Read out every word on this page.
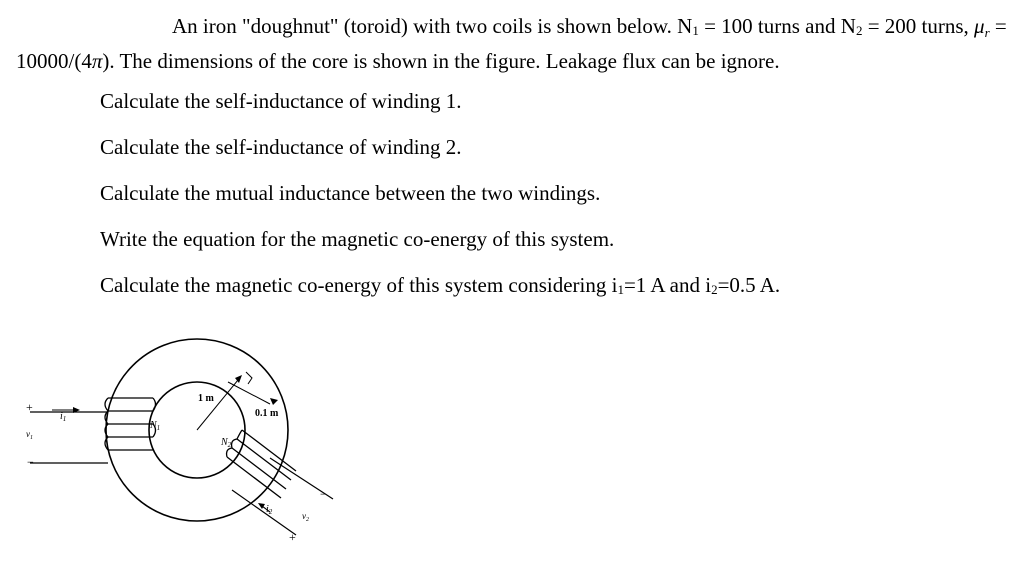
An iron "doughnut" (toroid) with two coils is shown below. N1 = 100 turns and N2 = 200 turns, μr = 10000/(4π). The dimensions of the core is shown in the figure. Leakage flux can be ignore.
Calculate the self-inductance of winding 1.
Calculate the self-inductance of winding 2.
Calculate the mutual inductance between the two windings.
Write the equation for the magnetic co-energy of this system.
Calculate the magnetic co-energy of this system considering i1=1 A and i2=0.5 A.
1 m
0.1 m
$N_1$
$N_2$
$i_1$
$i_2$
$v_1$
$v_2$
+
−
+
−
